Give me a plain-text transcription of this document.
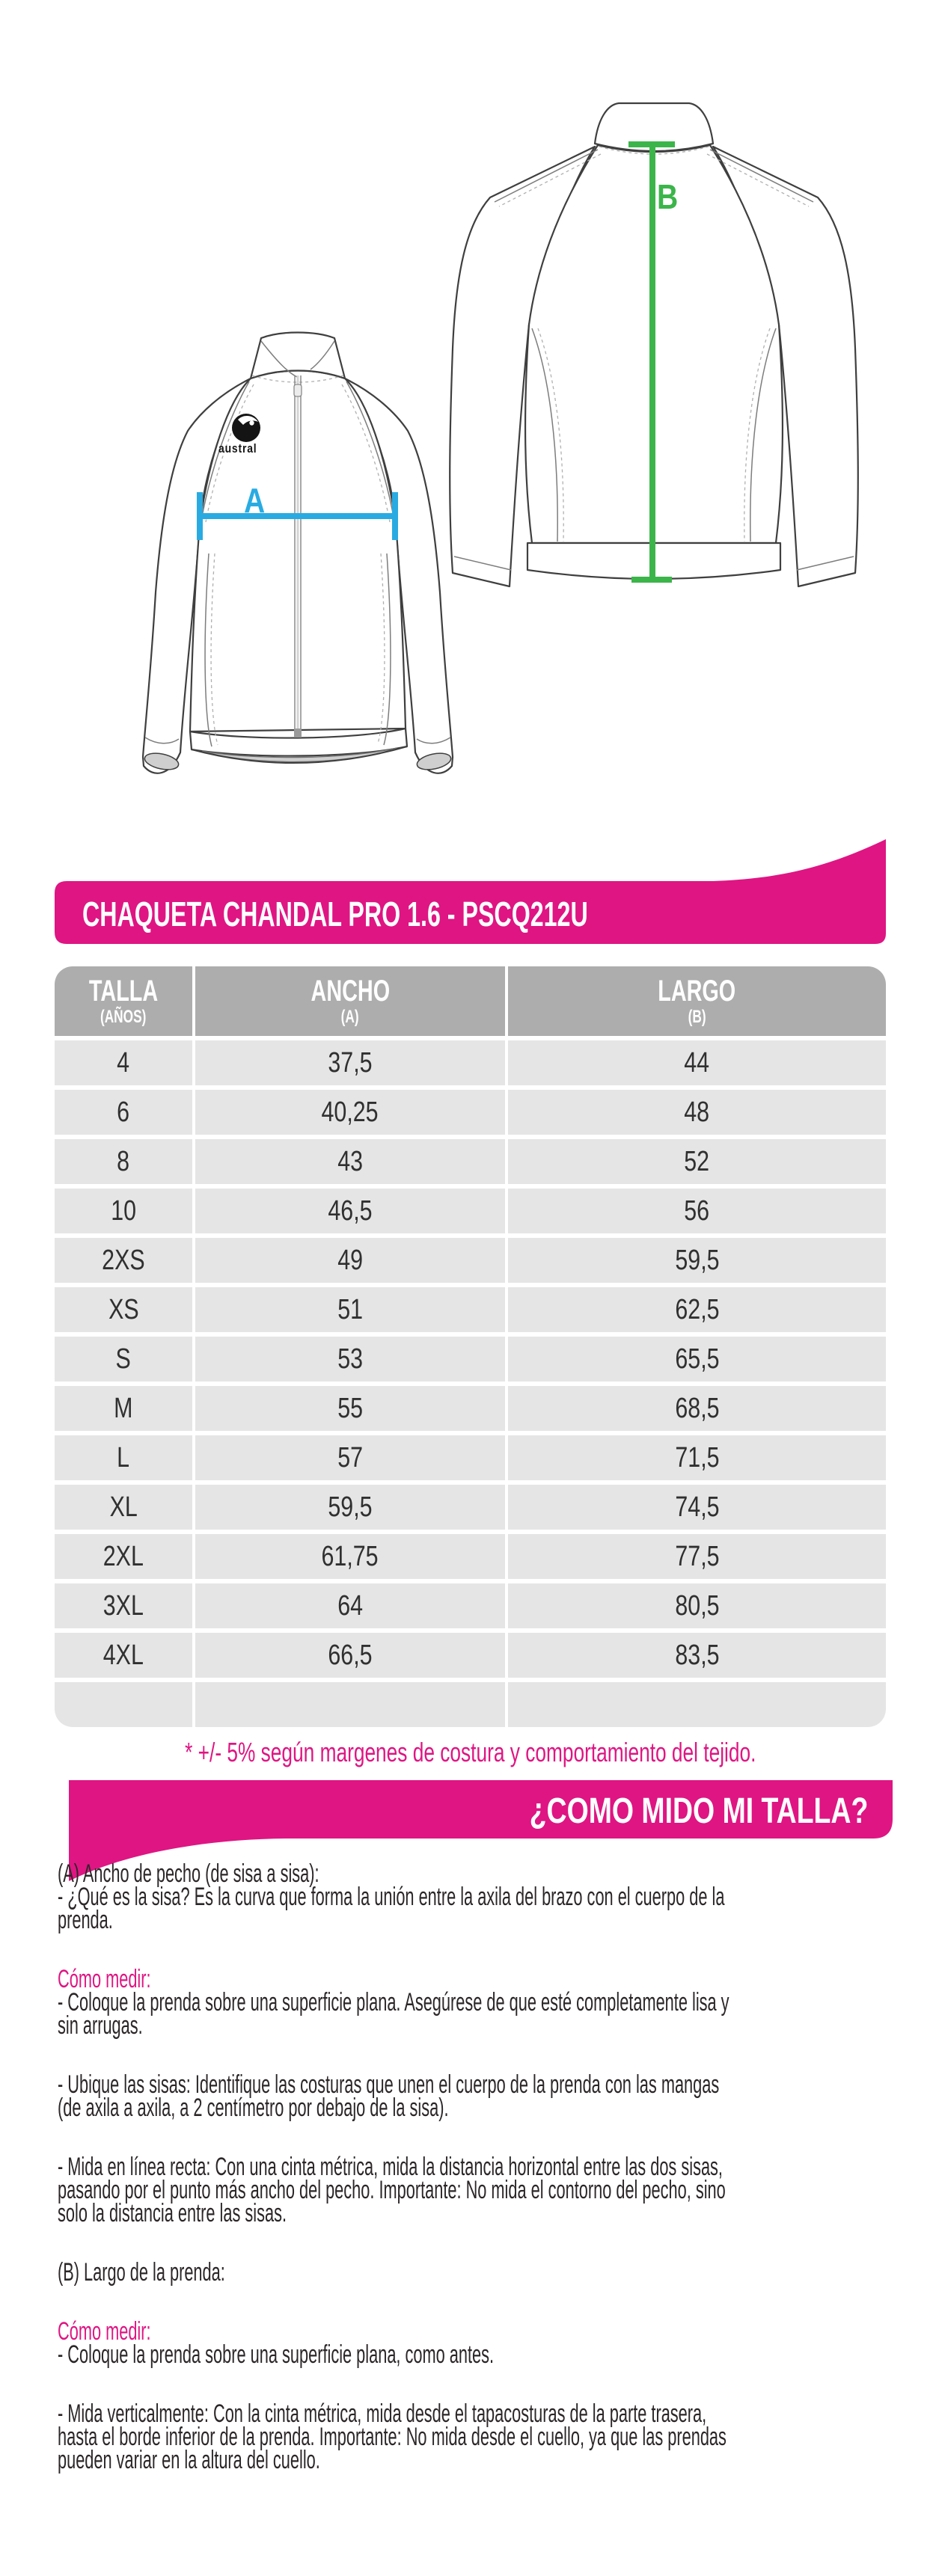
austral
A
B
CHAQUETA CHANDAL PRO 1.6 - PSCQ212U
TALLA
(AÑOS)
ANCHO
(A)
LARGO
(B)
4	37,5	44
6	40,25	48
8	43	52
10	46,5	56
2XS	49	59,5
XS	51	62,5
S	53	65,5
M	55	68,5
L	57	71,5
XL	59,5	74,5
2XL	61,75	77,5
3XL	64	80,5
4XL	66,5	83,5
* +/- 5% según margenes de costura y comportamiento del tejido.
¿COMO MIDO MI TALLA?
(A) Ancho de pecho (de sisa a sisa):
- ¿Qué es la sisa? Es la curva que forma la unión entre la axila del brazo con el cuerpo de la prenda.
Cómo medir:
- Coloque la prenda sobre una superficie plana. Asegúrese de que esté completamente lisa y sin arrugas.
- Ubique las sisas: Identifique las costuras que unen el cuerpo de la prenda con las mangas (de axila a axila, a 2 centímetro por debajo de la sisa).
- Mida en línea recta: Con una cinta métrica, mida la distancia horizontal entre las dos sisas, pasando por el punto más ancho del pecho. Importante: No mida el contorno del pecho, sino solo la distancia entre las sisas.
(B) Largo de la prenda:
Cómo medir:
- Coloque la prenda sobre una superficie plana, como antes.
- Mida verticalmente: Con la cinta métrica, mida desde el tapacosturas de la parte trasera, hasta el borde inferior de la prenda. Importante: No mida desde el cuello, ya que las prendas pueden variar en la altura del cuello.
